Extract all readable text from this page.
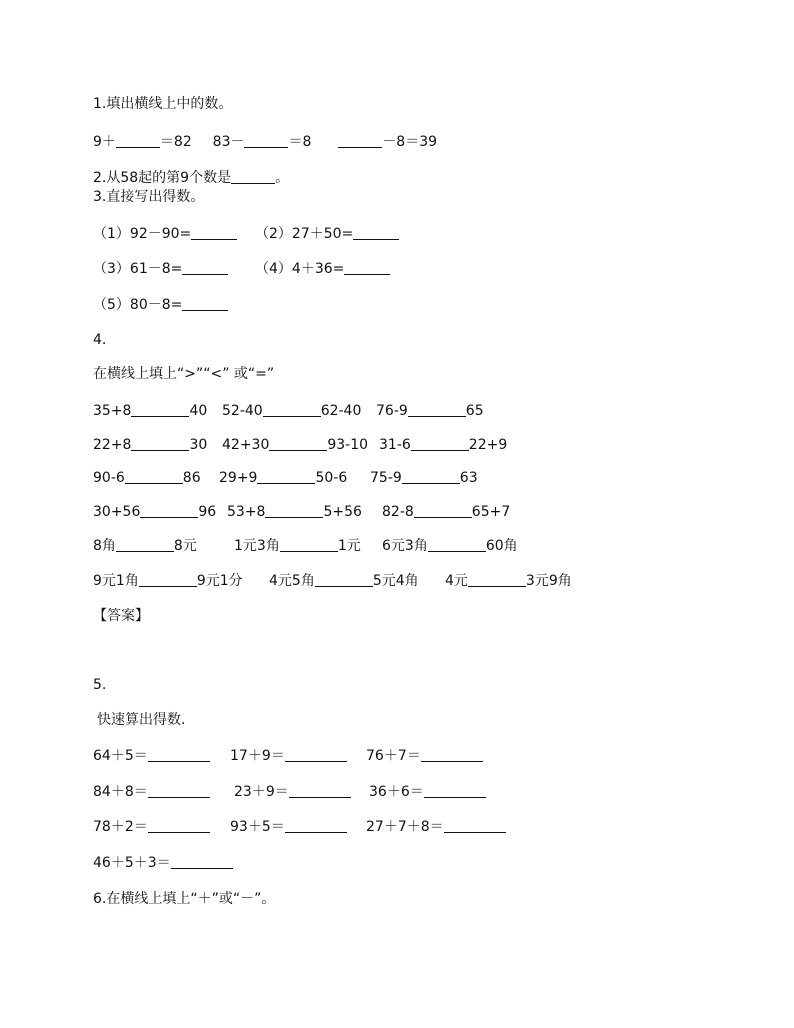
1.填出横线上中的数。
9＋	＝82 83－	＝8	－8＝39
2.从58起的第9个数是	。
3.直接写出得数。
（1）92－90=	（2）27＋50=
（3）61－8=	（4）4＋36=
（5）80－8=
4.
在横线上填上“>”“<” 或“=”
35+8	40 52-40	62-40 76-9	65
22+8	30 42+30	93-10 31-6	22+9
90-6	86 29+9	50-6 75-9	63
30+56	96 53+8	5+56 82-8	65+7
8角	8元	1元3角	1元 6元3角	60角
9元1角	9元1分 4元5角	5元4角 4元	3元9角
【答案】
5.
快速算出得数.
64＋5＝	17＋9＝	76＋7＝
84＋8＝	23＋9＝	36＋6＝
78＋2＝	93＋5＝	27＋7＋8＝
46＋5＋3＝
6.在横线上填上“＋”或“－”。
